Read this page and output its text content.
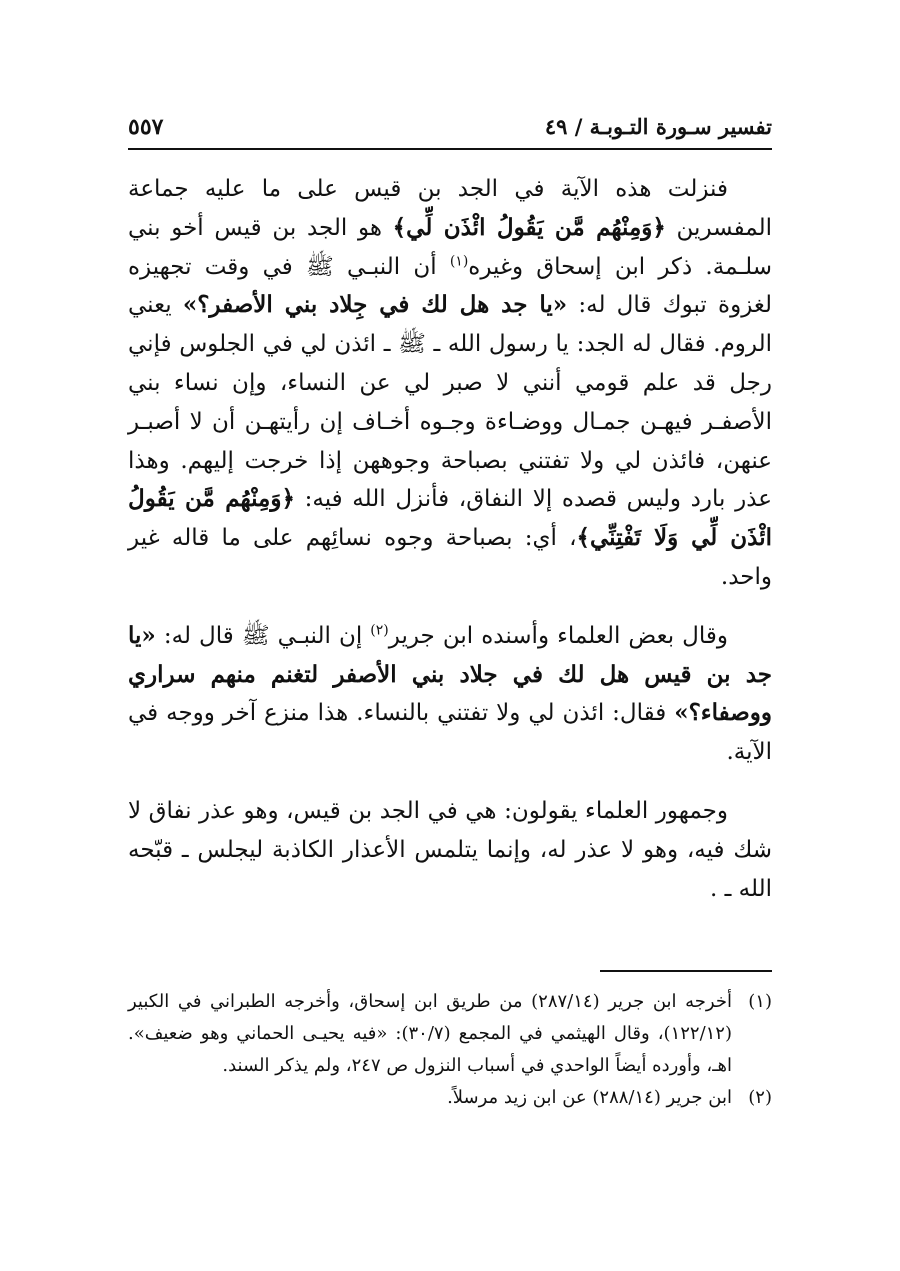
تفسير سـورة التـوبـة / ٤٩
٥٥٧

فنزلت هذه الآية في الجد بن قيس على ما عليه جماعة المفسرين ﴿وَمِنْهُم مَّن يَقُولُ ائْذَن لِّي﴾ هو الجد بن قيس أخو بني سلـمة. ذكر ابن إسحاق وغيره$^{(١)}$ أن النبـي ﷺ في وقت تجهيزه لغزوة تبوك قال له: «يا جد هل لك في جِلاد بني الأصفر؟» يعني الروم. فقال له الجد: يا رسول الله ـ ﷺ ـ ائذن لي في الجلوس فإني رجل قد علم قومي أنني لا صبر لي عن النساء، وإن نساء بني الأصفـر فيهـن جمـال ووضـاءة وجـوه أخـاف إن رأيتهـن أن لا أصبـر عنهن، فائذن لي ولا تفتني بصباحة وجوههن إذا خرجت إليهم. وهذا عذر بارد وليس قصده إلا النفاق، فأنزل الله فيه: ﴿وَمِنْهُم مَّن يَقُولُ ائْذَن لِّي وَلَا تَفْتِنِّي﴾، أي: بصباحة وجوه نسائِهم على ما قاله غير واحد.

وقال بعض العلماء وأسنده ابن جرير$^{(٢)}$ إن النبـي ﷺ قال له: «يا جد بن قيس هل لك في جلاد بني الأصفر لتغنم منهم سراري ووصفاء؟» فقال: ائذن لي ولا تفتني بالنساء. هذا منزع آخر ووجه في الآية.

وجمهور العلماء يقولون: هي في الجد بن قيس، وهو عذر نفاق لا شك فيه، وهو لا عذر له، وإنما يتلمس الأعذار الكاذبة ليجلس ـ قبّحه الله ـ .

(١)
أخرجه ابن جرير (٢٨٧/١٤) من طريق ابن إسحاق، وأخرجه الطبراني في الكبير (١٢٢/١٢)، وقال الهيثمي في المجمع (٣٠/٧): «فيه يحيـى الحماني وهو ضعيف». اهـ، وأورده أيضاً الواحدي في أسباب النزول ص ٢٤٧، ولم يذكر السند.

(٢)
ابن جرير (٢٨٨/١٤) عن ابن زيد مرسلاً.
